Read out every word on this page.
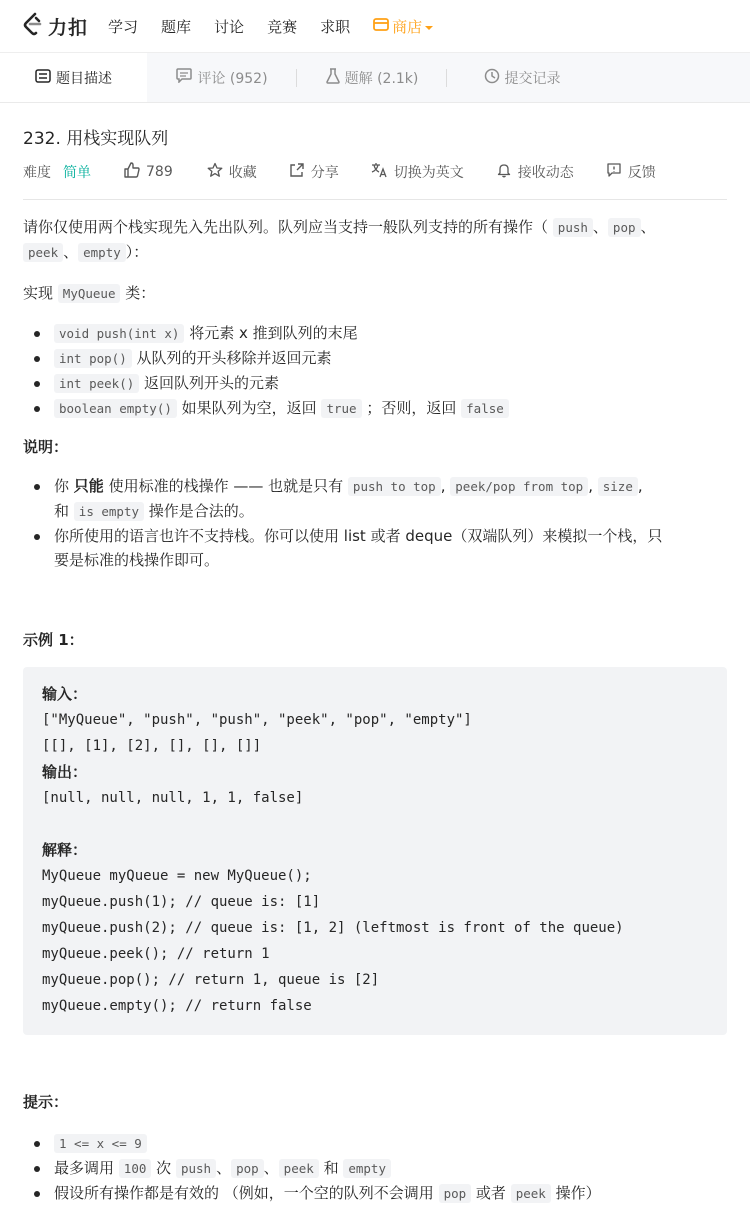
力扣 学习 题库 讨论 竞赛 求职	商店
题目描述	评论 (952)	题解 (2.1k)	提交记录
232. 用栈实现队列
难度 简单	789	收藏	分享	切换为英文	接收动态	反馈
请你仅使用两个栈实现先入先出队列。队列应当支持一般队列支持的所有操作（ push 、 pop 、
peek 、 empty ）：
实现 MyQueue 类：
void push(int x) 将元素 x 推到队列的末尾
int pop() 从队列的开头移除并返回元素
int peek() 返回队列开头的元素
boolean empty() 如果队列为空，返回 true ；否则，返回 false
说明：
你 只能 使用标准的栈操作 —— 也就是只有 push to top , peek/pop from top , size ,
和 is empty 操作是合法的。
你所使用的语言也许不支持栈。你可以使用 list 或者 deque（双端队列）来模拟一个栈，只
要是标准的栈操作即可。
示例 1：
输入：
["MyQueue", "push", "push", "peek", "pop", "empty"]
[[], [1], [2], [], [], []]
输出：
[null, null, null, 1, 1, false]

解释：
MyQueue myQueue = new MyQueue();
myQueue.push(1); // queue is: [1]
myQueue.push(2); // queue is: [1, 2] (leftmost is front of the queue)
myQueue.peek(); // return 1
myQueue.pop(); // return 1, queue is [2]
myQueue.empty(); // return false
提示：
1 <= x <= 9
最多调用 100 次 push 、 pop 、 peek 和 empty
假设所有操作都是有效的 （例如，一个空的队列不会调用 pop 或者 peek 操作）
